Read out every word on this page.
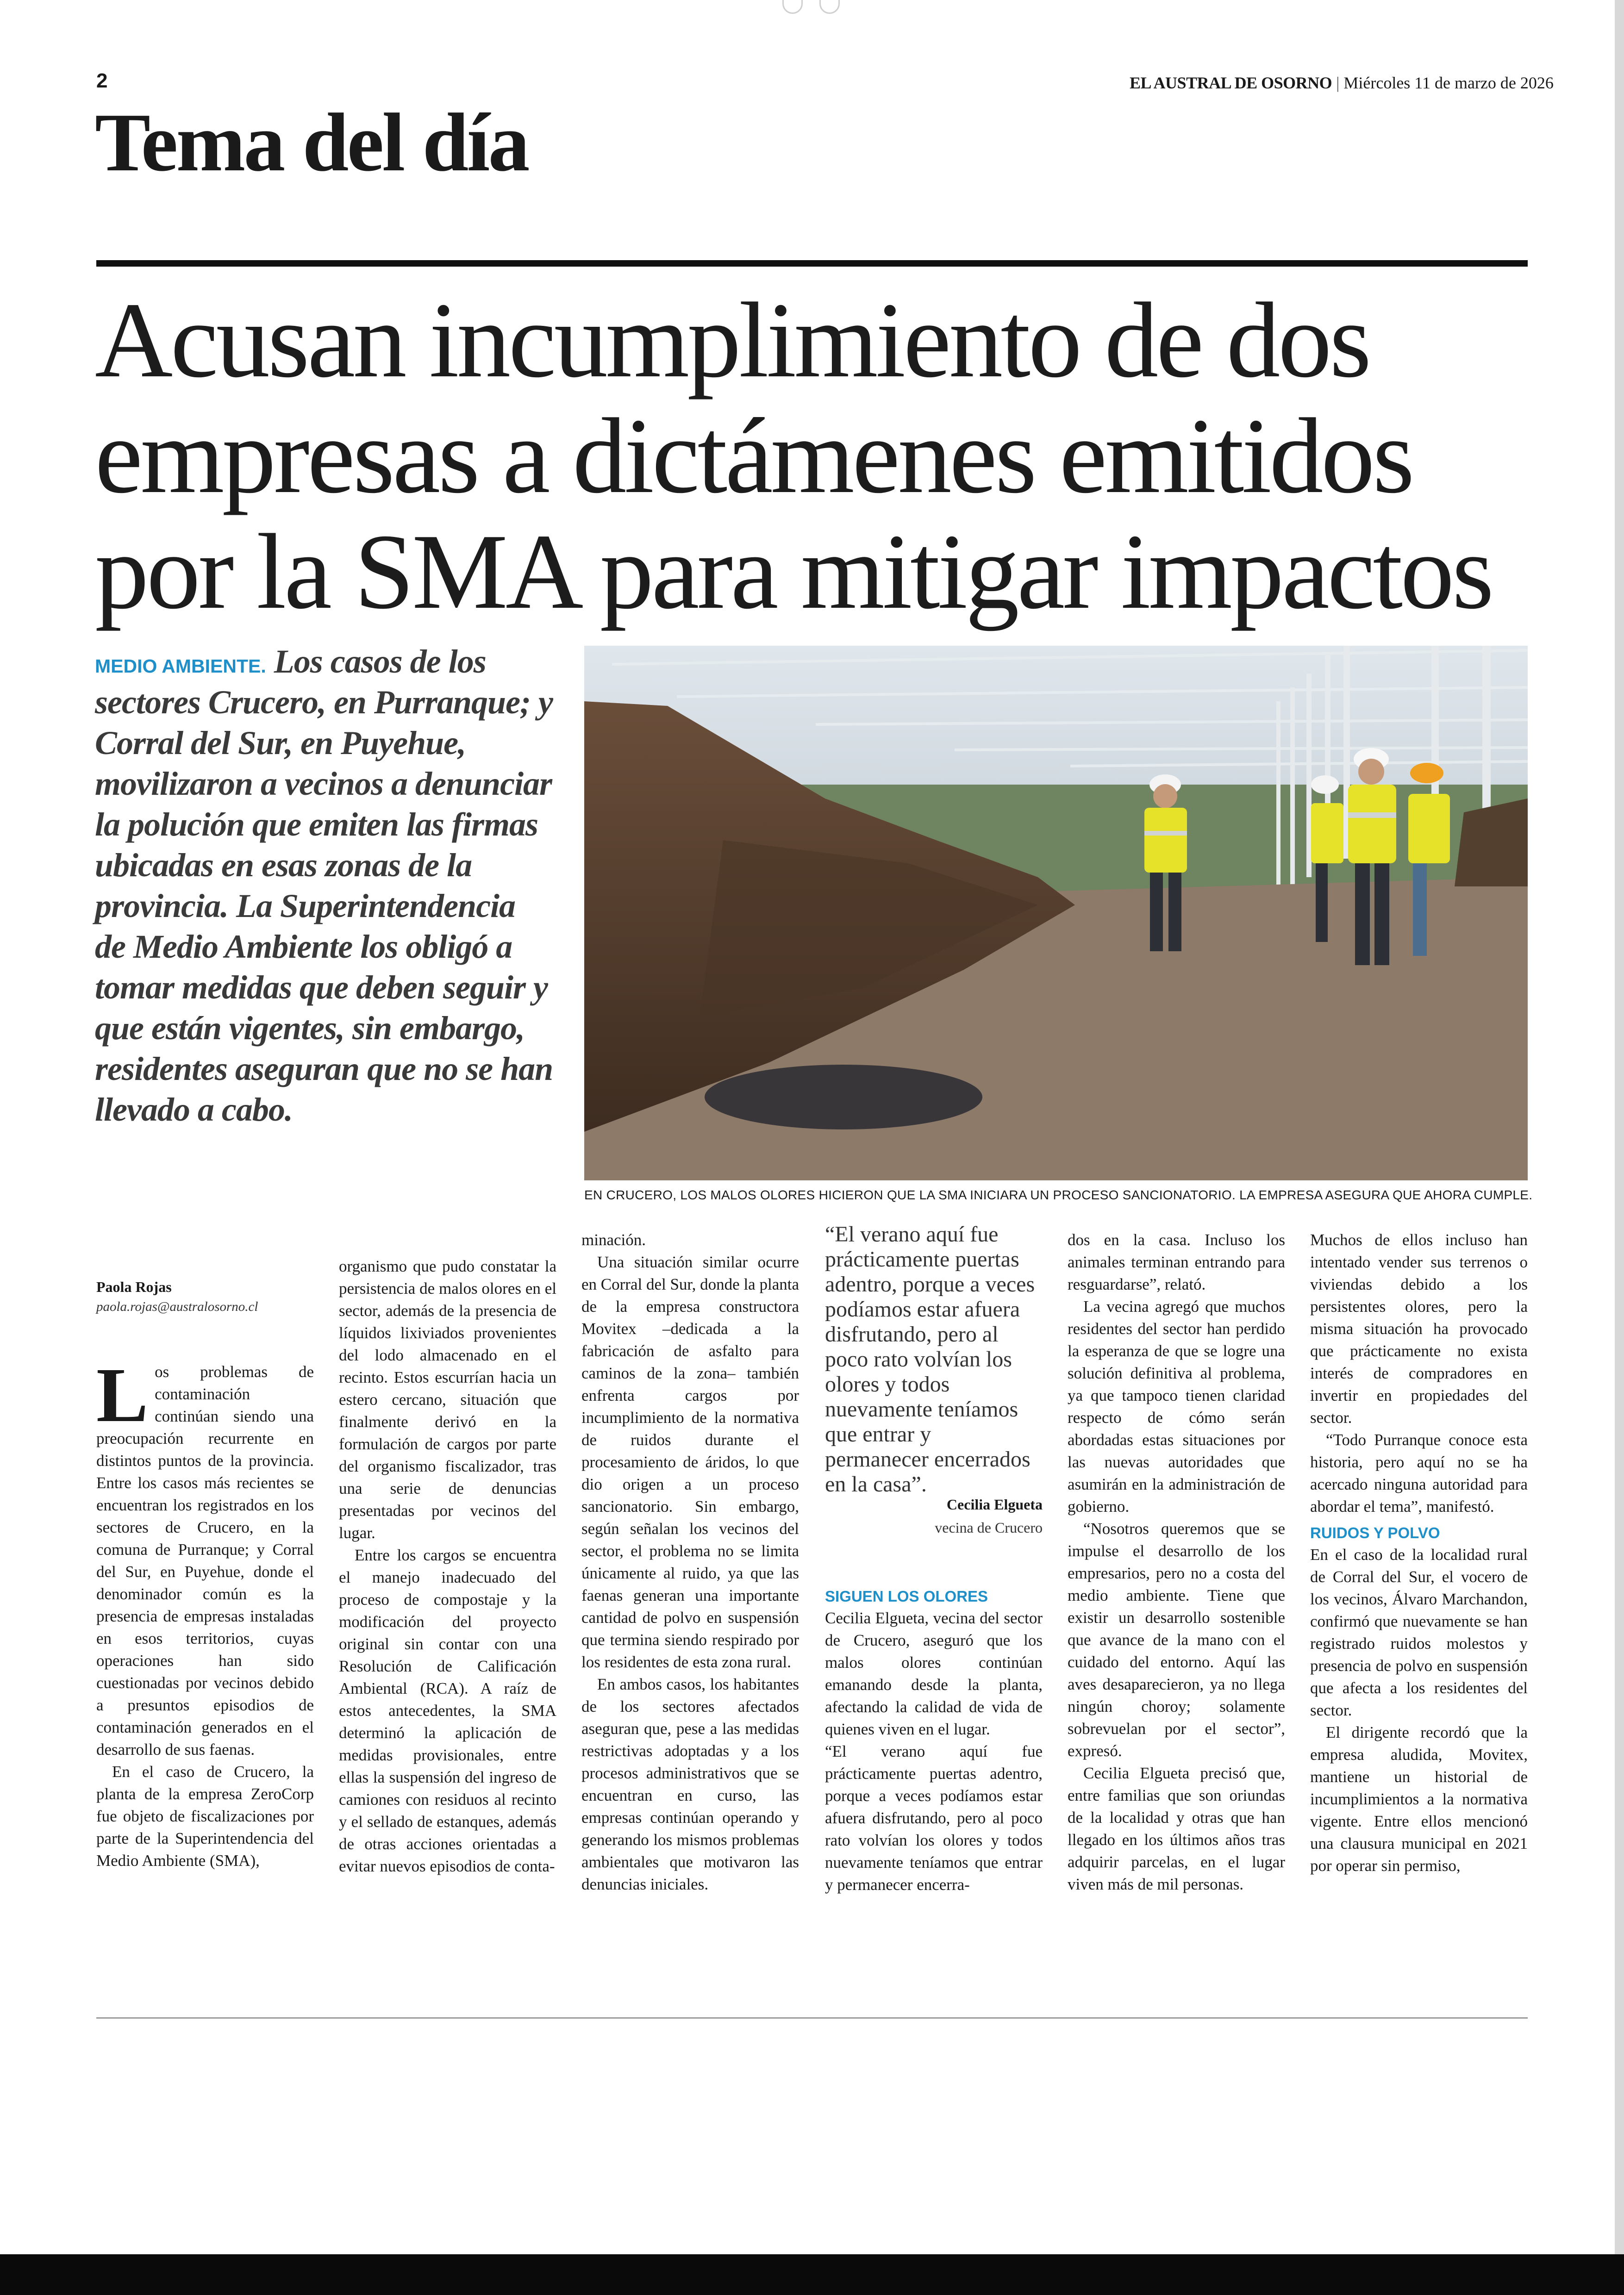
2	EL AUSTRAL DE OSORNO | Miércoles 11 de marzo de 2026
Tema del día
Acusan incumplimiento de dos
empresas a dictámenes emitidos
por la SMA para mitigar impactos

MEDIO AMBIENTE. Los casos de los sectores Crucero, en Purranque; y Corral del Sur, en Puyehue, movilizaron a vecinos a denunciar la polución que emiten las firmas ubicadas en esas zonas de la provincia. La Superintendencia de Medio Ambiente los obligó a tomar medidas que deben seguir y que están vigentes, sin embargo, residentes aseguran que no se han llevado a cabo.

EN CRUCERO, LOS MALOS OLORES HICIERON QUE LA SMA INICIARA UN PROCESO SANCIONATORIO. LA EMPRESA ASEGURA QUE AHORA CUMPLE.
Paola Rojas
paola.rojas@australosorno.cl

Los problemas de contaminación continúan siendo una preocupación recurrente en distintos puntos de la provincia. Entre los casos más recientes se encuentran los registrados en los sectores de Crucero, en la comuna de Purranque; y Corral del Sur, en Puyehue, donde el denominador común es la presencia de empresas instaladas en esos territorios, cuyas operaciones han sido cuestionadas por vecinos debido a presuntos episodios de contaminación generados en el desarrollo de sus faenas.

En el caso de Crucero, la planta de la empresa ZeroCorp fue objeto de fiscalizaciones por parte de la Superintendencia del Medio Ambiente (SMA),

organismo que pudo constatar la persistencia de malos olores en el sector, además de la presencia de líquidos lixiviados provenientes del lodo almacenado en el recinto. Estos escurrían hacia un estero cercano, situación que finalmente derivó en la formulación de cargos por parte del organismo fiscalizador, tras una serie de denuncias presentadas por vecinos del lugar.

Entre los cargos se encuentra el manejo inadecuado del proceso de compostaje y la modificación del proyecto original sin contar con una Resolución de Calificación Ambiental (RCA). A raíz de estos antecedentes, la SMA determinó la aplicación de medidas provisionales, entre ellas la suspensión del ingreso de camiones con residuos al recinto y el sellado de estanques, además de otras acciones orientadas a evitar nuevos episodios de conta-

minación.

Una situación similar ocurre en Corral del Sur, donde la planta de la empresa constructora Movitex –dedicada a la fabricación de asfalto para caminos de la zona– también enfrenta cargos por incumplimiento de la normativa de ruidos durante el procesamiento de áridos, lo que dio origen a un proceso sancionatorio. Sin embargo, según señalan los vecinos del sector, el problema no se limita únicamente al ruido, ya que las faenas generan una importante cantidad de polvo en suspensión que termina siendo respirado por los residentes de esta zona rural.

En ambos casos, los habitantes de los sectores afectados aseguran que, pese a las medidas restrictivas adoptadas y a los procesos administrativos que se encuentran en curso, las empresas continúan operando y generando los mismos problemas ambientales que motivaron las denuncias iniciales.

“El verano aquí fue prácticamente puertas adentro, porque a veces podíamos estar afuera disfrutando, pero al poco rato volvían los olores y todos nuevamente teníamos que entrar y permanecer encerrados en la casa”.
Cecilia Elgueta
vecina de Crucero

SIGUEN LOS OLORES

Cecilia Elgueta, vecina del sector de Crucero, aseguró que los malos olores continúan emanando desde la planta, afectando la calidad de vida de quienes viven en el lugar.

“El verano aquí fue prácticamente puertas adentro, porque a veces podíamos estar afuera disfrutando, pero al poco rato volvían los olores y todos nuevamente teníamos que entrar y permanecer encerra-

dos en la casa. Incluso los animales terminan entrando para resguardarse”, relató.

La vecina agregó que muchos residentes del sector han perdido la esperanza de que se logre una solución definitiva al problema, ya que tampoco tienen claridad respecto de cómo serán abordadas estas situaciones por las nuevas autoridades que asumirán en la administración de gobierno.

“Nosotros queremos que se impulse el desarrollo de los empresarios, pero no a costa del medio ambiente. Tiene que existir un desarrollo sostenible que avance de la mano con el cuidado del entorno. Aquí las aves desaparecieron, ya no llega ningún choroy; solamente sobrevuelan por el sector”, expresó.

Cecilia Elgueta precisó que, entre familias que son oriundas de la localidad y otras que han llegado en los últimos años tras adquirir parcelas, en el lugar viven más de mil personas.

Muchos de ellos incluso han intentado vender sus terrenos o viviendas debido a los persistentes olores, pero la misma situación ha provocado que prácticamente no exista interés de compradores en invertir en propiedades del sector.

“Todo Purranque conoce esta historia, pero aquí no se ha acercado ninguna autoridad para abordar el tema”, manifestó.

RUIDOS Y POLVO

En el caso de la localidad rural de Corral del Sur, el vocero de los vecinos, Álvaro Marchandon, confirmó que nuevamente se han registrado ruidos molestos y presencia de polvo en suspensión que afecta a los residentes del sector.

El dirigente recordó que la empresa aludida, Movitex, mantiene un historial de incumplimientos a la normativa vigente. Entre ellos mencionó una clausura municipal en 2021 por operar sin permiso,
